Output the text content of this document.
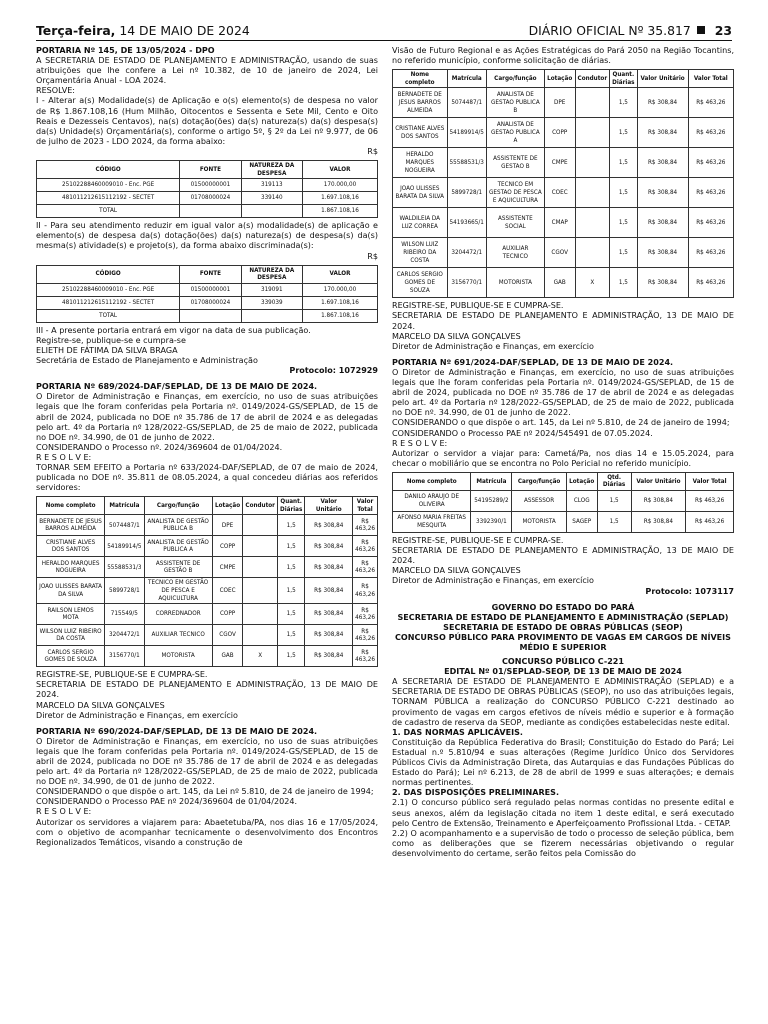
Terça-feira, 14 DE MAIO DE 2024	DIÁRIO OFICIAL Nº 35.817 23

PORTARIA Nº 145, DE 13/05/2024 - DPO

A SECRETARIA DE ESTADO DE PLANEJAMENTO E ADMINISTRAÇÃO, usando de suas atribuições que lhe confere a Lei nº 10.382, de 10 de janeiro de 2024, Lei Orçamentária Anual - LOA 2024.

RESOLVE:

I - Alterar a(s) Modalidade(s) de Aplicação e o(s) elemento(s) de despesa no valor de R$ 1.867.108,16 (Hum Milhão, Oitocentos e Sessenta e Sete Mil, Cento e Oito Reais e Dezesseis Centavos), na(s) dotação(ões) da(s) natureza(s) da(s) despesa(s) da(s) Unidade(s) Orçamentária(s), conforme o artigo 5º, § 2º da Lei nº 9.977, de 06 de julho de 2023 - LDO 2024, da forma abaixo:

R$

CÓDIGO	FONTE	NATUREZA DA DESPESA	VALOR
25102288460009010 - Enc. PGE	01500000001	319113	170.000,00
481011212615112192 - SECTET	01708000024	339140	1.697.108,16
TOTAL			1.867.108,16

II - Para seu atendimento reduzir em igual valor a(s) modalidade(s) de aplicação e elemento(s) de despesa da(s) dotação(ões) da(s) natureza(s) de despesa(s) da(s) mesma(s) atividade(s) e projeto(s), da forma abaixo discriminada(s):

R$

CÓDIGO	FONTE	NATUREZA DA DESPESA	VALOR
25102288460009010 - Enc. PGE	01500000001	319091	170.000,00
481011212615112192 - SECTET	01708000024	339039	1.697.108,16
TOTAL			1.867.108,16

III - A presente portaria entrará em vigor na data de sua publicação.

Registre-se, publique-se e cumpra-se

ELIETH DE FÁTIMA DA SILVA BRAGA

Secretária de Estado de Planejamento e Administração

Protocolo: 1072929

PORTARIA Nº 689/2024-DAF/SEPLAD, DE 13 DE MAIO DE 2024.

O Diretor de Administração e Finanças, em exercício, no uso de suas atribuições legais que lhe foram conferidas pela Portaria nº. 0149/2024-GS/SEPLAD, de 15 de abril de 2024, publicada no DOE nº 35.786 de 17 de abril de 2024 e as delegadas pelo art. 4º da Portaria nº 128/2022-GS/SEPLAD, de 25 de maio de 2022, publicada no DOE nº. 34.990, de 01 de junho de 2022.

CONSIDERANDO o Processo nº. 2024/369604 de 01/04/2024.

R E S O L V E:

TORNAR SEM EFEITO a Portaria nº 633/2024-DAF/SEPLAD, de 07 de maio de 2024, publicada no DOE nº. 35.811 de 08.05.2024, a qual concedeu diárias aos referidos servidores:

Nome completo	Matrícula	Cargo/função	Lotação	Condutor	Quant. Diárias	Valor Unitário	Valor Total
BERNADETE DE JESUS BARROS ALMEIDA	5074487/1	ANALISTA DE GESTÃO PUBLICA B	DPE		1,5	R$ 308,84	R$ 463,26
CRISTIANE ALVES DOS SANTOS	54189914/5	ANALISTA DE GESTÃO PUBLICA A	COPP		1,5	R$ 308,84	R$ 463,26
HERALDO MARQUES NOGUEIRA	55588531/3	ASSISTENTE DE GESTÃO B	CMPE		1,5	R$ 308,84	R$ 463,26
JOAO ULISSES BARATA DA SILVA	5899728/1	TECNICO EM GESTÃO DE PESCA E AQUICULTURA	COEC		1,5	R$ 308,84	R$ 463,26
RAILSON LEMOS MOTA	715549/5	CORREDNADOR	COPP		1,5	R$ 308,84	R$ 463,26
WILSON LUIZ RIBEIRO DA COSTA	3204472/1	AUXILIAR TECNICO	CGOV		1,5	R$ 308,84	R$ 463,26
CARLOS SERGIO GOMES DE SOUZA	3156770/1	MOTORISTA	GAB	X	1,5	R$ 308,84	R$ 463,26

REGISTRE-SE, PUBLIQUE-SE E CUMPRA-SE.

SECRETARIA DE ESTADO DE PLANEJAMENTO E ADMINISTRAÇÃO, 13 DE MAIO DE 2024.

MARCELO DA SILVA GONÇALVES

Diretor de Administração e Finanças, em exercício

PORTARIA Nº 690/2024-DAF/SEPLAD, DE 13 DE MAIO DE 2024.

O Diretor de Administração e Finanças, em exercício, no uso de suas atribuições legais que lhe foram conferidas pela Portaria nº. 0149/2024-GS/SEPLAD, de 15 de abril de 2024, publicada no DOE nº 35.786 de 17 de abril de 2024 e as delegadas pelo art. 4º da Portaria nº 128/2022-GS/SEPLAD, de 25 de maio de 2022, publicada no DOE nº. 34.990, de 01 de junho de 2022.

CONSIDERANDO o que dispõe o art. 145, da Lei nº 5.810, de 24 de janeiro de 1994;

CONSIDERANDO o Processo PAE nº 2024/369604 de 01/04/2024.

R E S O L V E:

Autorizar os servidores a viajarem para: Abaetetuba/PA, nos dias 16 e 17/05/2024, com o objetivo de acompanhar tecnicamente o desenvolvimento dos Encontros Regionalizados Temáticos, visando a construção de

Visão de Futuro Regional e as Ações Estratégicas do Pará 2050 na Região Tocantins, no referido município, conforme solicitação de diárias.

Nome completo	Matrícula	Cargo/função	Lotação	Condutor	Quant. Diárias	Valor Unitário	Valor Total
BERNADETE DE JESUS BARROS ALMEIDA	5074487/1	ANALISTA DE GESTAO PUBLICA B	DPE		1,5	R$ 308,84	R$ 463,26
CRISTIANE ALVES DOS SANTOS	54189914/5	ANALISTA DE GESTAO PUBLICA A	COPP		1,5	R$ 308,84	R$ 463,26
HERALDO MARQUES NOGUEIRA	55588531/3	ASSISTENTE DE GESTAO B	CMPE		1,5	R$ 308,84	R$ 463,26
JOAO ULISSES BARATA DA SILVA	5899728/1	TECNICO EM GESTAO DE PESCA E AQUICULTURA	COEC		1,5	R$ 308,84	R$ 463,26
WALDILEIA DA LUZ CORREA	54193665/1	ASSISTENTE SOCIAL	CMAP		1,5	R$ 308,84	R$ 463,26
WILSON LUIZ RIBEIRO DA COSTA	3204472/1	AUXILIAR TECNICO	CGOV		1,5	R$ 308,84	R$ 463,26
CARLOS SERGIO GOMES DE SOUZA	3156770/1	MOTORISTA	GAB	X	1,5	R$ 308,84	R$ 463,26

REGISTRE-SE, PUBLIQUE-SE E CUMPRA-SE.

SECRETARIA DE ESTADO DE PLANEJAMENTO E ADMINISTRAÇÃO, 13 DE MAIO DE 2024.

MARCELO DA SILVA GONÇALVES

Diretor de Administração e Finanças, em exercício

PORTARIA Nº 691/2024-DAF/SEPLAD, DE 13 DE MAIO DE 2024.

O Diretor de Administração e Finanças, em exercício, no uso de suas atribuições legais que lhe foram conferidas pela Portaria nº. 0149/2024-GS/SEPLAD, de 15 de abril de 2024, publicada no DOE nº 35.786 de 17 de abril de 2024 e as delegadas pelo art. 4º da Portaria nº 128/2022-GS/SEPLAD, de 25 de maio de 2022, publicada no DOE nº. 34.990, de 01 de junho de 2022.

CONSIDERANDO o que dispõe o art. 145, da Lei nº 5.810, de 24 de janeiro de 1994;

CONSIDERANDO o Processo PAE nº 2024/545491 de 07.05.2024.

R E S O L V E:

Autorizar o servidor a viajar para: Cametá/Pa, nos dias 14 e 15.05.2024, para checar o mobiliário que se encontra no Polo Pericial no referido município.

Nome completo	Matrícula	Cargo/função	Lotação	Qtd. Diárias	Valor Unitário	Valor Total
DANILO ARAUJO DE OLIVEIRA	54195289/2	ASSESSOR	CLOG	1,5	R$ 308,84	R$ 463,26
AFONSO MARIA FREITAS MESQUITA	3392390/1	MOTORISTA	SAGEP	1,5	R$ 308,84	R$ 463,26

REGISTRE-SE, PUBLIQUE-SE E CUMPRA-SE.

SECRETARIA DE ESTADO DE PLANEJAMENTO E ADMINISTRAÇÃO, 13 DE MAIO DE 2024.

MARCELO DA SILVA GONÇALVES

Diretor de Administração e Finanças, em exercício

Protocolo: 1073117

GOVERNO DO ESTADO DO PARÁ

SECRETARIA DE ESTADO DE PLANEJAMENTO E ADMINISTRAÇÃO (SEPLAD)

SECRETARIA DE ESTADO DE OBRAS PÚBLICAS (SEOP)

CONCURSO PÚBLICO PARA PROVIMENTO DE VAGAS EM CARGOS DE NÍVEIS MÉDIO E SUPERIOR

CONCURSO PÚBLICO C-221

EDITAL Nº 01/SEPLAD-SEOP, DE 13 DE MAIO DE 2024

A SECRETARIA DE ESTADO DE PLANEJAMENTO E ADMINISTRAÇÃO (SEPLAD) e a SECRETARIA DE ESTADO DE OBRAS PÚBLICAS (SEOP), no uso das atribuições legais, TORNAM PÚBLICA a realização do CONCURSO PÚBLICO C-221 destinado ao provimento de vagas em cargos efetivos de níveis médio e superior e à formação de cadastro de reserva da SEOP, mediante as condições estabelecidas neste edital.

1. DAS NORMAS APLICÁVEIS.

Constituição da República Federativa do Brasil; Constituição do Estado do Pará; Lei Estadual n.º 5.810/94 e suas alterações (Regime Jurídico Único dos Servidores Públicos Civis da Administração Direta, das Autarquias e das Fundações Públicas do Estado do Pará); Lei nº 6.213, de 28 de abril de 1999 e suas alterações; e demais normas pertinentes.

2. DAS DISPOSIÇÕES PRELIMINARES.

2.1) O concurso público será regulado pelas normas contidas no presente edital e seus anexos, além da legislação citada no item 1 deste edital, e será executado pelo Centro de Extensão, Treinamento e Aperfeiçoamento Profissional Ltda. - CETAP.

2.2) O acompanhamento e a supervisão de todo o processo de seleção pública, bem como as deliberações que se fizerem necessárias objetivando o regular desenvolvimento do certame, serão feitos pela Comissão do
